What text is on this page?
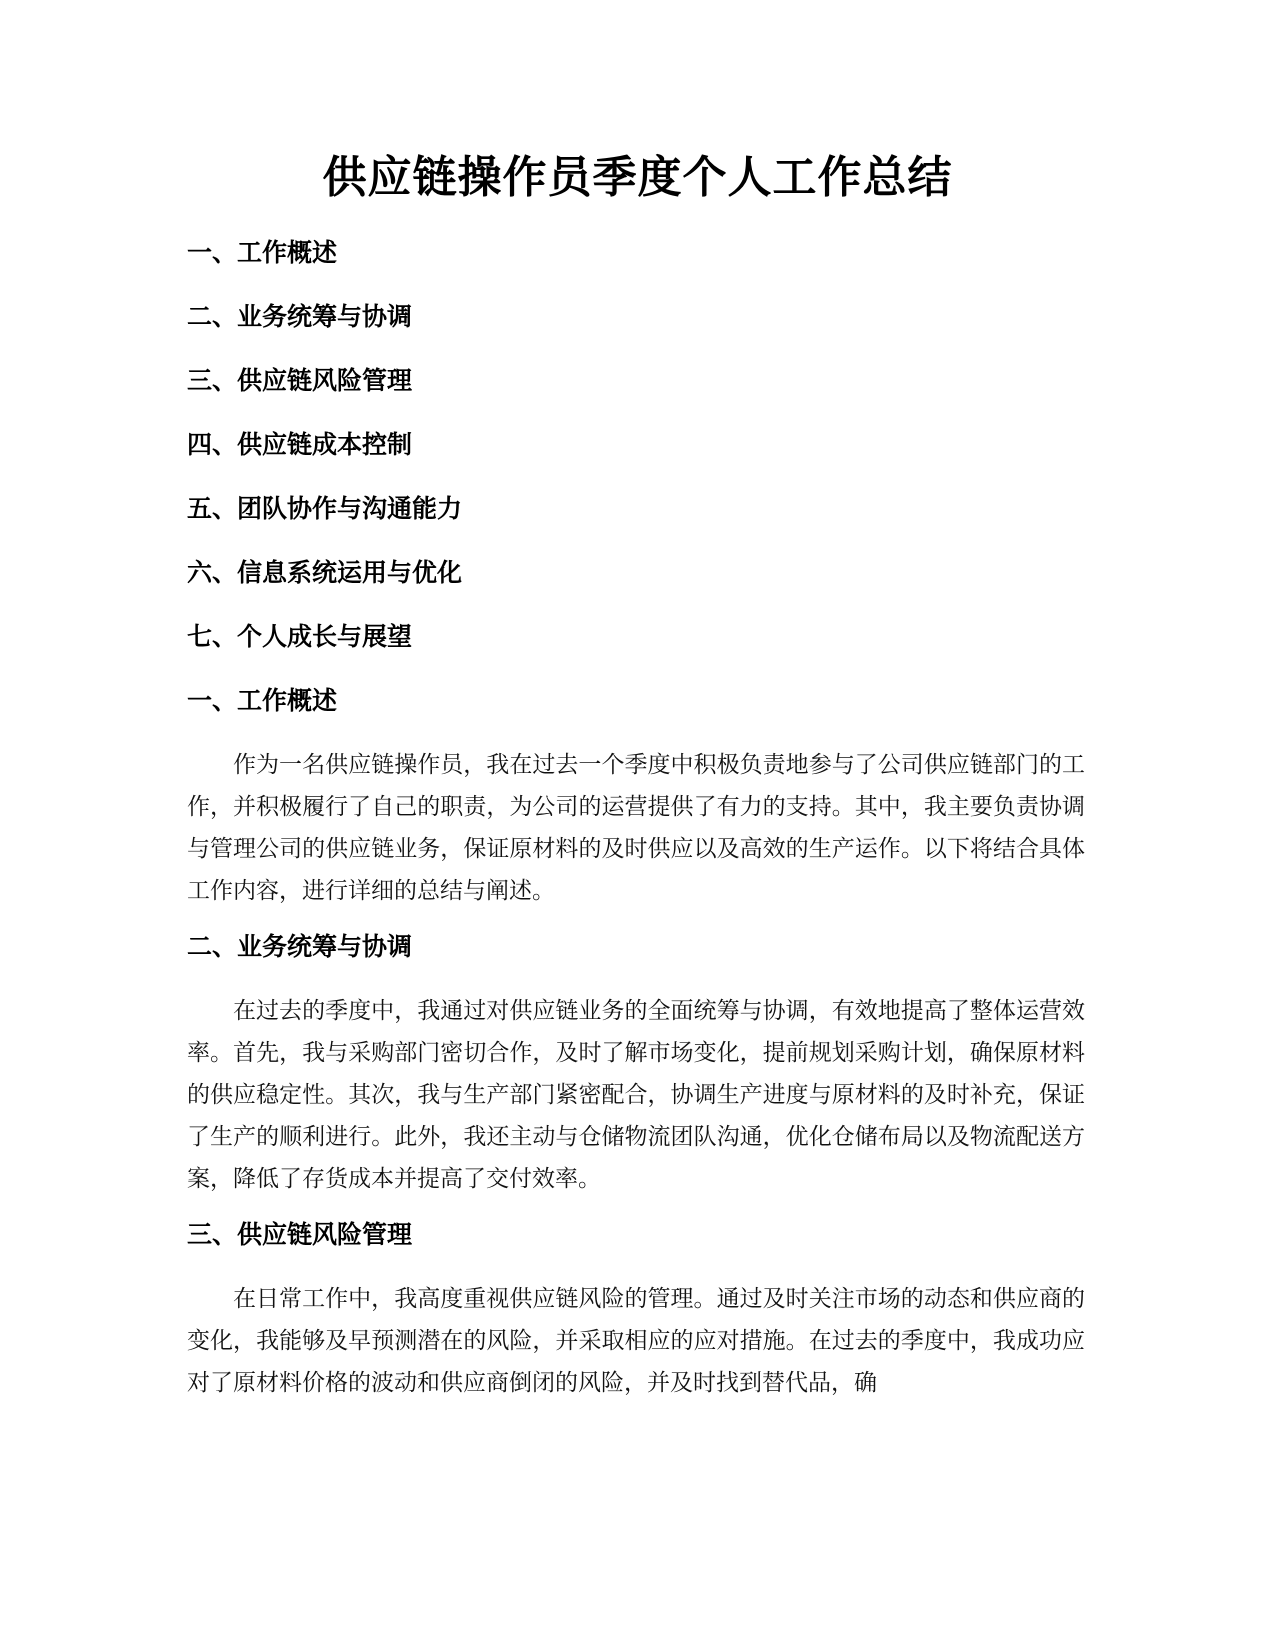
供应链操作员季度个人工作总结

一、工作概述

二、业务统筹与协调

三、供应链风险管理

四、供应链成本控制

五、团队协作与沟通能力

六、信息系统运用与优化

七、个人成长与展望

一、工作概述

作为一名供应链操作员，我在过去一个季度中积极负责地参与了公司供应链部门的工作，并积极履行了自己的职责，为公司的运营提供了有力的支持。其中，我主要负责协调与管理公司的供应链业务，保证原材料的及时供应以及高效的生产运作。以下将结合具体工作内容，进行详细的总结与阐述。

二、业务统筹与协调

在过去的季度中，我通过对供应链业务的全面统筹与协调，有效地提高了整体运营效率。首先，我与采购部门密切合作，及时了解市场变化，提前规划采购计划，确保原材料的供应稳定性。其次，我与生产部门紧密配合，协调生产进度与原材料的及时补充，保证了生产的顺利进行。此外，我还主动与仓储物流团队沟通，优化仓储布局以及物流配送方案，降低了存货成本并提高了交付效率。

三、供应链风险管理

在日常工作中，我高度重视供应链风险的管理。通过及时关注市场的动态和供应商的变化，我能够及早预测潜在的风险，并采取相应的应对措施。在过去的季度中，我成功应对了原材料价格的波动和供应商倒闭的风险，并及时找到替代品，确
